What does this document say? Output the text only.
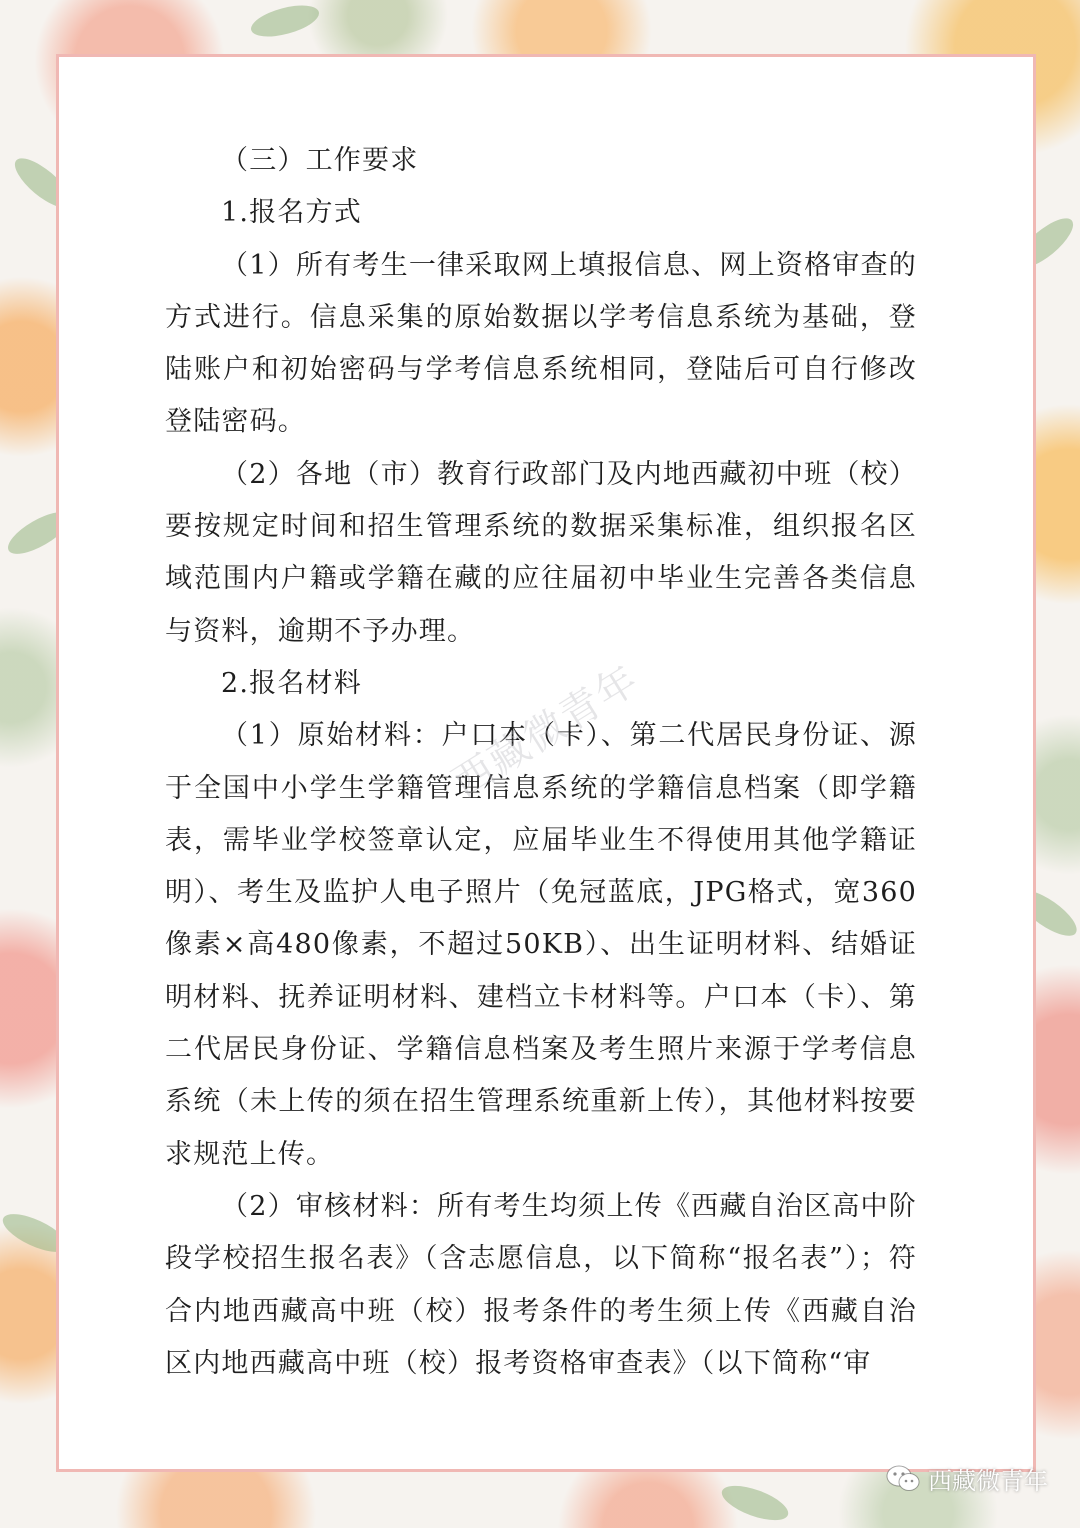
（三）工作要求

1.报名方式

（1）所有考生一律采取网上填报信息、网上资格审查的方式进行。信息采集的原始数据以学考信息系统为基础，登陆账户和初始密码与学考信息系统相同，登陆后可自行修改登陆密码。

（2）各地（市）教育行政部门及内地西藏初中班（校）要按规定时间和招生管理系统的数据采集标准，组织报名区域范围内户籍或学籍在藏的应往届初中毕业生完善各类信息与资料，逾期不予办理。

2.报名材料

（1）原始材料：户口本（卡）、第二代居民身份证、源于全国中小学生学籍管理信息系统的学籍信息档案（即学籍表，需毕业学校签章认定，应届毕业生不得使用其他学籍证明）、考生及监护人电子照片（免冠蓝底，JPG格式，宽360像素×高480像素，不超过50KB）、出生证明材料、结婚证明材料、抚养证明材料、建档立卡材料等。户口本（卡）、第二代居民身份证、学籍信息档案及考生照片来源于学考信息系统（未上传的须在招生管理系统重新上传），其他材料按要求规范上传。

（2）审核材料：所有考生均须上传《西藏自治区高中阶段学校招生报名表》（含志愿信息，以下简称“报名表”）；符合内地西藏高中班（校）报考条件的考生须上传《西藏自治区内地西藏高中班（校）报考资格审查表》（以下简称“审

西藏微青年
西藏微青年
